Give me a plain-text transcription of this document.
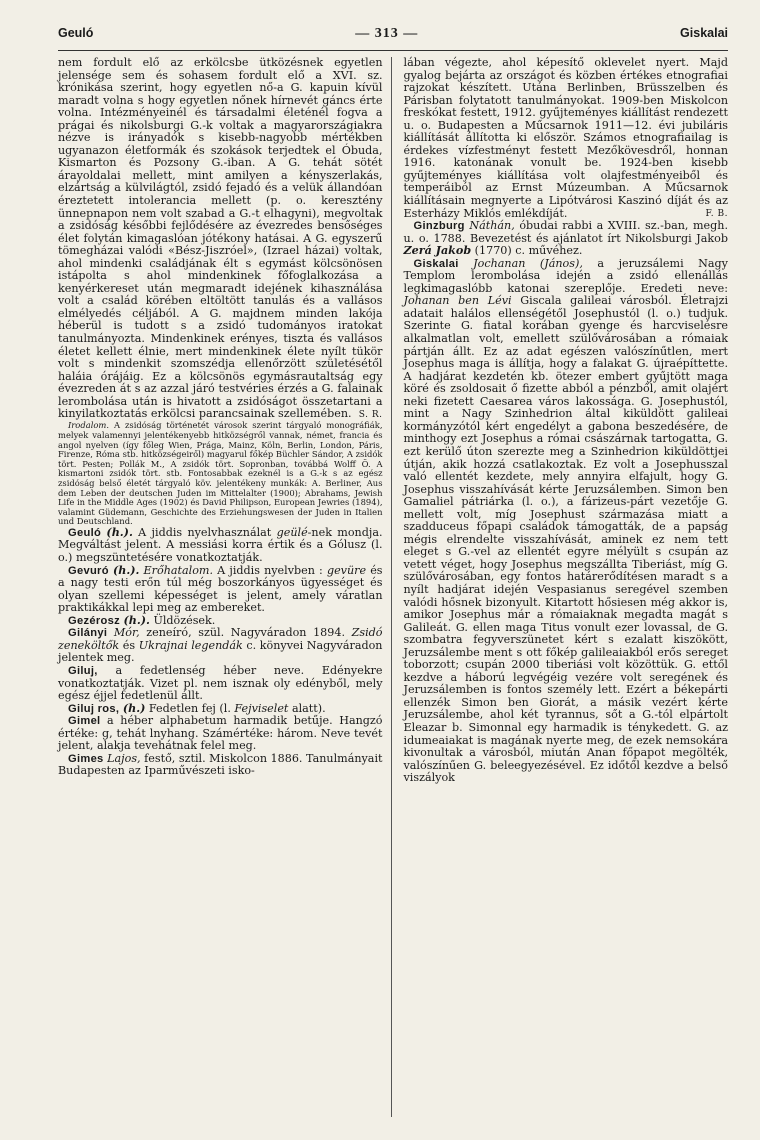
Geuló	— 313 —	Giskalai

nem fordult elő az erkölcsbe ütközésnek egyetlen jelensége sem és sohasem fordult elő a XVI. sz. krónikása szerint, hogy egyetlen nő-a G. kapuin kívül maradt volna s hogy egyetlen nőnek hírnevét gáncs érte volna. Intézményeinél és társadalmi életénél fogva a prágai és nikolsburgi G.-k voltak a magyarországiakra nézve is irányadók s kisebb-nagyobb mértékben ugyanazon életformák és szokások terjedtek el Óbuda, Kismarton és Pozsony G.-iban. A G. tehát sötét árayoldalai mellett, mint amilyen a kényszerlakás, elzártság a külvilágtól, zsidó fejadó és a velük állandóan éreztetett intolerancia mellett (p. o. keresztény ünnepnapon nem volt szabad a G.-t elhagyni), megvoltak a zsidóság későbbi fejlődésére az évezredes bensőséges élet folytán kimagaslóan jótékony hatásai. A G. egyszerű tömegházai valódi «Bész-Jiszróel», (Izrael házai) voltak, ahol mindenki családjának élt s egymást kölcsönösen istápolta s ahol mindenkinek főfoglalkozása a kenyérkereset után megmaradt idejének kihasználása volt a család körében eltöltött tanulás és a vallásos elmélyedés céljából. A G. majdnem minden lakója héberül is tudott s a zsidó tudományos iratokat tanulmányozta. Mindenkinek erényes, tiszta és vallásos életet kellett élnie, mert mindenkinek élete nyílt tükör volt s mindenkit szomszédja ellenőrzött születésétől haláia órájáig. Ez a kölcsönös egymásrautaltság egy évezreden át s az azzal járó testvéries érzés a G. falainak lerombolása után is hivatott a zsidóságot összetartani a kinyilatkoztatás erkölcsi parancsainak szellemében. S. R.

Irodalom. A zsidóság történetét városok szerint tárgyaló monográfiák, melyek valamennyi jelentékenyebb hitközségről vannak, német, francia és angol nyelven (így főleg Wien, Prága, Mainz, Köln, Berlin, London, Páris, Firenze, Róma stb. hitközségeiről) magyarul főkép Büchler Sándor, A zsidók tört. Pesten; Pollák M., A zsidók tört. Sopronban, továbbá Wolff Ö. A kismartoni zsidók tört. stb. Fontosabbak ezeknél is a G.-k s az egész zsidóság belső életét tárgyaló köv. jelentékeny munkák: A. Berliner, Aus dem Leben der deutschen Juden im Mittelalter (1900); Abrahams, Jewish Life in the Middle Ages (1902) és David Philipson, European Jewries (1894), valamint Güdemann, Geschichte des Erziehungswesen der Juden in Italien und Deutschland.

Geuló (h.). A jiddis nyelvhasználat geülé-nek mondja. Megváltást jelent. A messiási korra értik és a Gólusz (l. o.) megszüntetésére vonatkoztatják.

Gevuró (h.). Erőhatalom. A jiddis nyelvben : gevüre és a nagy testi erőn túl még boszorkányos ügyességet és olyan szellemi képességet is jelent, amely váratlan praktikákkal lepi meg az embereket.

Gezérosz (h.). Üldözések.

Gilányi Mór, zeneíró, szül. Nagyváradon 1894. Zsidó zeneköltők és Ukrajnai legendák c. könyvei Nagyváradon jelentek meg.

Giluj, a fedetlenség héber neve. Edényekre vonatkoztatják. Vizet pl. nem isznak oly edényből, mely egész éjjel fedetlenül állt.

Giluj ros, (h.) Fedetlen fej (l. Fejviselet alatt).

Gimel a héber alphabetum harmadik betűje. Hangzó értéke: g, tehát lnyhang. Számértéke: három. Neve tevét jelent, alakja tevehátnak felel meg.

Gimes Lajos, festő, sztil. Miskolcon 1886. Tanulmányait Budapesten az Iparművészeti isko-

lában végezte, ahol képesítő oklevelet nyert. Majd gyalog bejárta az országot és közben értékes etnografiai rajzokat készített. Utána Berlinben, Brüsszelben és Párisban folytatott tanulmányokat. 1909-ben Miskolcon freskókat festett, 1912. gyűjteményes kiállítást rendezett u. o. Budapesten a Műcsarnok 1911—12. évi jubiláris kiállítását állította ki először. Számos etnografiailag is érdekes vízfestményt festett Mezőkövesdről, honnan 1916. katonának vonult be. 1924-ben kisebb gyűjteményes kiállítása volt olajfestményeiből és temperáiból az Ernst Múzeumban. A Műcsarnok kiállításain megnyerte a Lipótvárosi Kaszinó díját és az Esterházy Miklós emlékdíját.	F. B.

Ginzburg Náthán, óbudai rabbi a XVIII. sz.-ban, megh. u. o. 1788. Bevezetést és ajánlatot írt Nikolsburgi Jakob Zerá Jakob (1770) c. művéhez.

Giskalai Jochanan (János), a jeruzsálemi Nagy Templom lerombolása idején a zsidó ellenállás legkimagaslóbb katonai szereplője. Eredeti neve: Johanan ben Lévi Giscala galileai városból. Életrajzi adatait halálos ellenségétől Josephustól (l. o.) tudjuk. Szerinte G. fiatal korában gyenge és harcviselésre alkalmatlan volt, emellett szülővárosában a rómaiak pártján állt. Ez az adat egészen valószínűtlen, mert Josephus maga is állítja, hogy a falakat G. újraépíttette. A hadjárat kezdetén kb. ötezer embert gyűjtött maga köré és zsoldosait ő fizette abból a pénzből, amit olajért neki fizetett Caesarea város lakossága. G. Josephustól, mint a Nagy Szinhedrion által kiküldött galileai kormányzótól kért engedélyt a gabona beszedésére, de minthogy ezt Josephus a római császárnak tartogatta, G. ezt kerülő úton szerezte meg a Szinhedrion kiküldöttjei útján, akik hozzá csatlakoztak. Ez volt a Josephusszal való ellentét kezdete, mely annyira elfajult, hogy G. Josephus visszahívását kérte Jeruzsálemben. Simon ben Gamaliel pátriárka (l. o.), a fárizeus-párt vezetője G. mellett volt, míg Josephust származása miatt a szadduceus főpapi családok támogatták, de a papság mégis elrendelte visszahívását, aminek ez nem tett eleget s G.-vel az ellentét egyre mélyült s csupán az vetett véget, hogy Josephus megszállta Tiberiást, míg G. szülővárosában, egy fontos határerődítésen maradt s a nyílt hadjárat idején Vespasianus seregével szemben valódi hősnek bizonyult. Kitartott hősiesen még akkor is, amikor Josephus már a rómaiaknak megadta magát s Galileát. G. ellen maga Titus vonult ezer lovassal, de G. szombatra fegyverszünetet kért s ezalatt kiszökött, Jeruzsálembe ment s ott főkép galileaiakból erős sereget toborzott; csupán 2000 tiberiási volt közöttük. G. ettől kezdve a háború legvégéig vezére volt seregének és Jeruzsálemben is fontos személy lett. Ezért a békepárti ellenzék Simon ben Giorát, a másik vezért kérte Jeruzsálembe, ahol két tyrannus, sőt a G.-tól elpártolt Eleazar b. Simonnal egy harmadik is ténykedett. G. az idumeaiakat is magának nyerte meg, de ezek nemsokára kivonultak a városból, miután Anan főpapot megölték, valószínűen G. beleegyezésével. Ez időtől kezdve a belső viszályok
